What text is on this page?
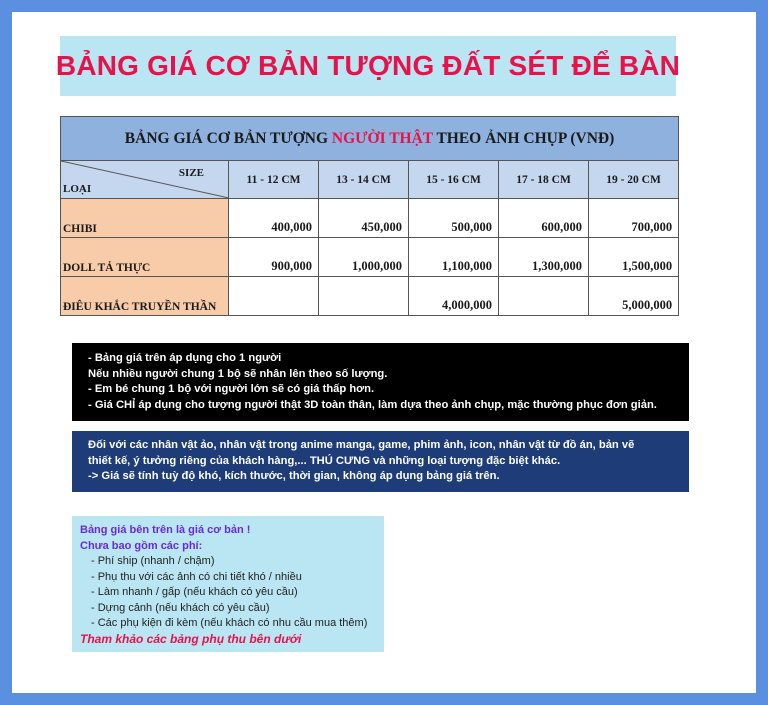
BẢNG GIÁ CƠ BẢN TƯỢNG ĐẤT SÉT ĐỂ BÀN
BẢNG GIÁ CƠ BẢN TƯỢNG NGƯỜI THẬT THEO ẢNH CHỤP (VNĐ)					

SIZE
LOẠI	11 - 12 CM	13 - 14 CM	15 - 16 CM	17 - 18 CM	19 - 20 CM
CHIBI	400,000	450,000	500,000	600,000	700,000
DOLL TẢ THỰC	900,000	1,000,000	1,100,000	1,300,000	1,500,000
ĐIÊU KHẮC TRUYỀN THẦN			4,000,000		5,000,000
- Bảng giá trên áp dụng cho 1 người
Nếu nhiều người chung 1 bộ sẽ nhân lên theo số lượng.
- Em bé chung 1 bộ với người lớn sẽ có giá thấp hơn.
- Giá CHỈ áp dụng cho tượng người thật 3D toàn thân, làm dựa theo ảnh chụp, mặc thường phục đơn giản.
Đối với các nhân vật ảo, nhân vật trong anime manga, game, phim ảnh, icon, nhân vật từ đồ án, bản vẽ
thiết kế, ý tưởng riêng của khách hàng,... THÚ CƯNG và những loại tượng đặc biệt khác.
-> Giá sẽ tính tuỳ độ khó, kích thước, thời gian, không áp dụng bảng giá trên.
Bảng giá bên trên là giá cơ bản !
Chưa bao gồm các phí:
- Phí ship (nhanh / chậm)
- Phụ thu với các ảnh có chi tiết khó / nhiều
- Làm nhanh / gấp (nếu khách có yêu cầu)
- Dựng cảnh (nếu khách có yêu cầu)
- Các phụ kiện đi kèm (nếu khách có nhu cầu mua thêm)
Tham khảo các bảng phụ thu bên dưới
